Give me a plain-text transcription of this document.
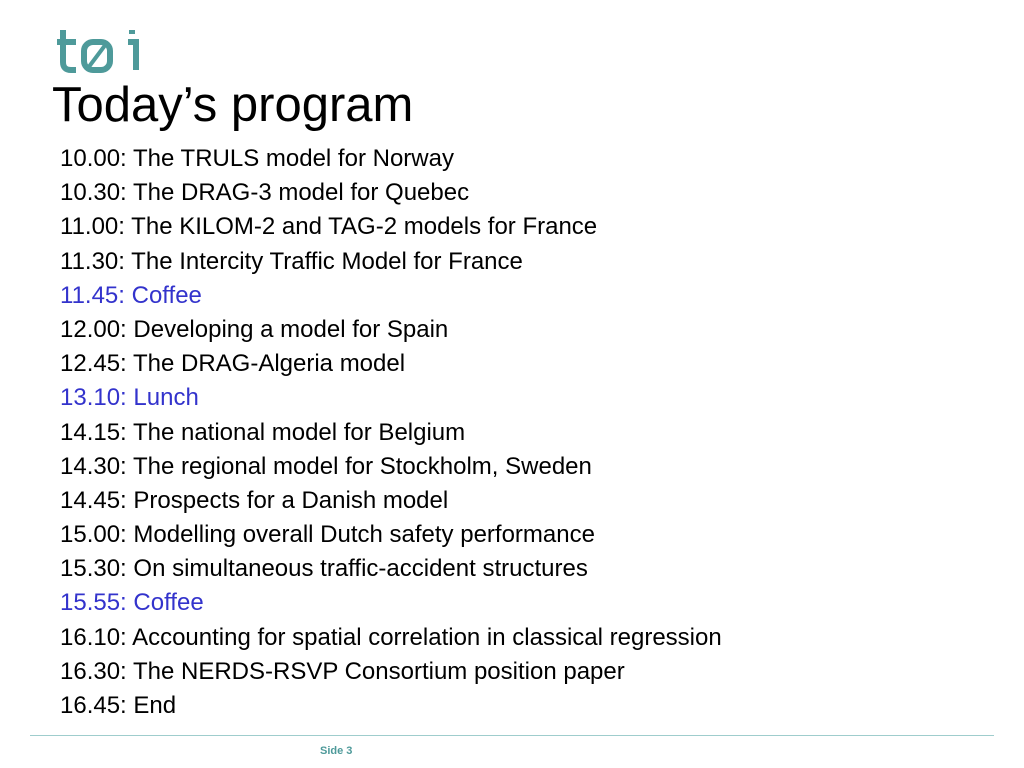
Today’s program
10.00: The TRULS model for Norway
10.30: The DRAG-3 model for Quebec
11.00: The KILOM-2 and TAG-2 models for France
11.30: The Intercity Traffic Model for France
11.45: Coffee
12.00: Developing a model for Spain
12.45: The DRAG-Algeria model
13.10: Lunch
14.15: The national model for Belgium
14.30: The regional model for Stockholm, Sweden
14.45: Prospects for a Danish model
15.00: Modelling overall Dutch safety performance
15.30: On simultaneous traffic-accident structures
15.55: Coffee
16.10: Accounting for spatial correlation in classical regression
16.30: The NERDS-RSVP Consortium position paper
16.45: End
Side 3
